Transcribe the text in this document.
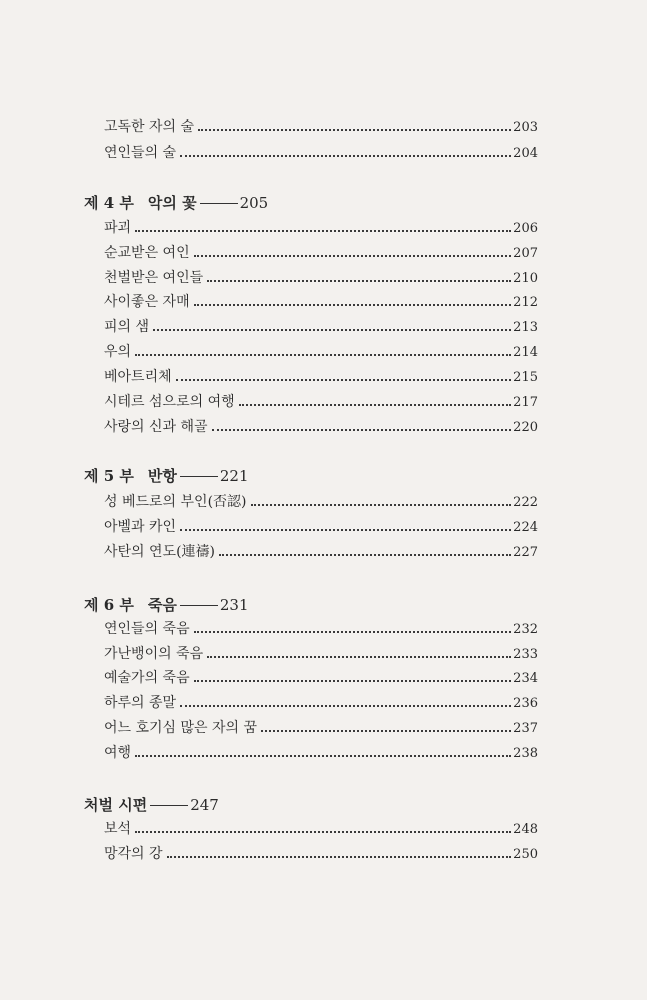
고독한 자의 술	203
연인들의 술	204
제 4 부 악의 꽃	205
파괴	206
순교받은 여인	207
천벌받은 여인들	210
사이좋은 자매	212
피의 샘	213
우의	214
베아트리체	215
시테르 섬으로의 여행	217
사랑의 신과 해골	220
제 5 부 반항	221
성 베드로의 부인(否認)	222
아벨과 카인	224
사탄의 연도(連禱)	227
제 6 부 죽음	231
연인들의 죽음	232
가난뱅이의 죽음	233
예술가의 죽음	234
하루의 종말	236
어느 호기심 많은 자의 꿈	237
여행	238
처벌 시편	247
보석	248
망각의 강	250
